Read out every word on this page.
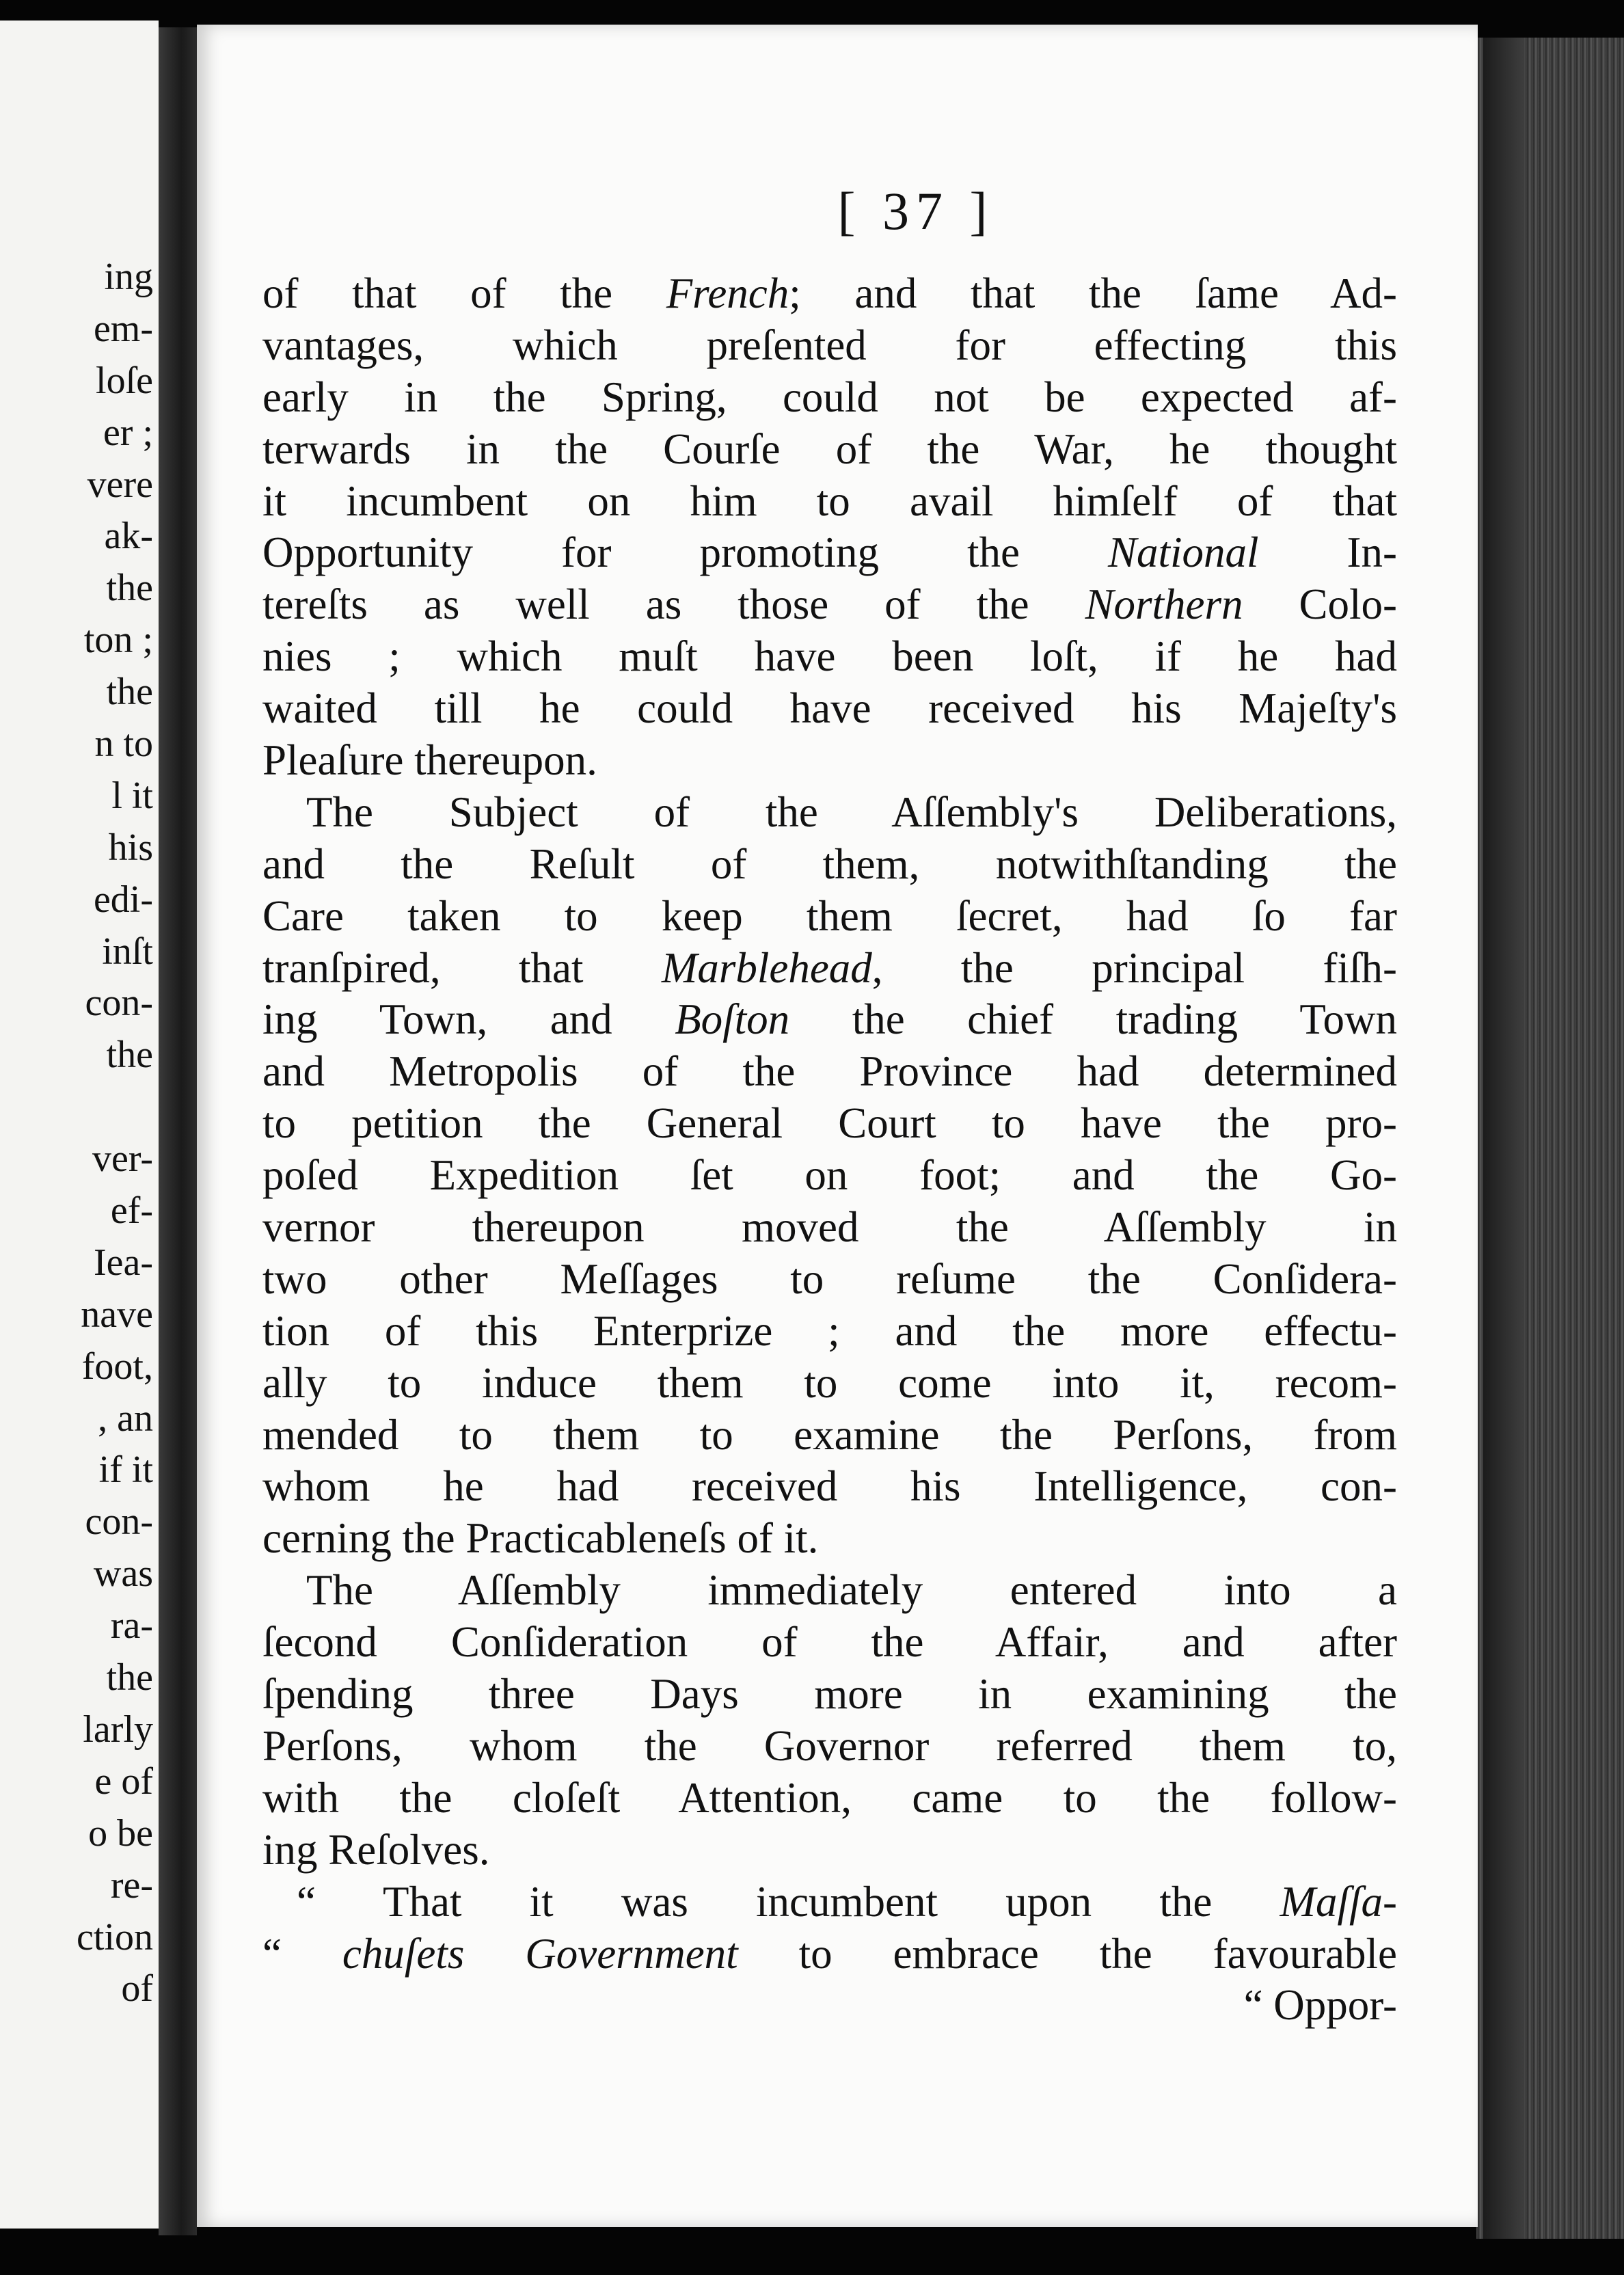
ing
em-
loſe
er ;
vere
ak-
the
ton ;
the
n to
l it
his
edi-
inſt
con-
the
ver-
ef-
Iea-
nave
foot,
, an
if it
con-
was
ra-
the
larly
e of
o be
re-
ction
of
[ 37 ]
of that of the French; and that the ſame Ad-
vantages, which preſented for effecting this
early in the Spring, could not be expected af-
terwards in the Courſe of the War, he thought
it incumbent on him to avail himſelf of that
Opportunity for promoting the National In-
tereſts as well as those of the Northern Colo-
nies ; which muſt have been loſt, if he had
waited till he could have received his Majeſty's
Pleaſure thereupon.
The Subject of the Aſſembly's Deliberations,
and the Reſult of them, notwithſtanding the
Care taken to keep them ſecret, had ſo far
tranſpired, that Marblehead, the principal fiſh-
ing Town, and Boſton the chief trading Town
and Metropolis of the Province had determined
to petition the General Court to have the pro-
poſed Expedition ſet on foot; and the Go-
vernor thereupon moved the Aſſembly in
two other Meſſages to reſume the Conſidera-
tion of this Enterprize ; and the more effectu-
ally to induce them to come into it, recom-
mended to them to examine the Perſons, from
whom he had received his Intelligence, con-
cerning the Practicableneſs of it.
The Aſſembly immediately entered into a
ſecond Conſideration of the Affair, and after
ſpending three Days more in examining the
Perſons, whom the Governor referred them to,
with the cloſeſt Attention, came to the follow-
ing Reſolves.
“ That it was incumbent upon the Maſſa-
“ chuſets Government to embrace the favourable
“ Oppor-
